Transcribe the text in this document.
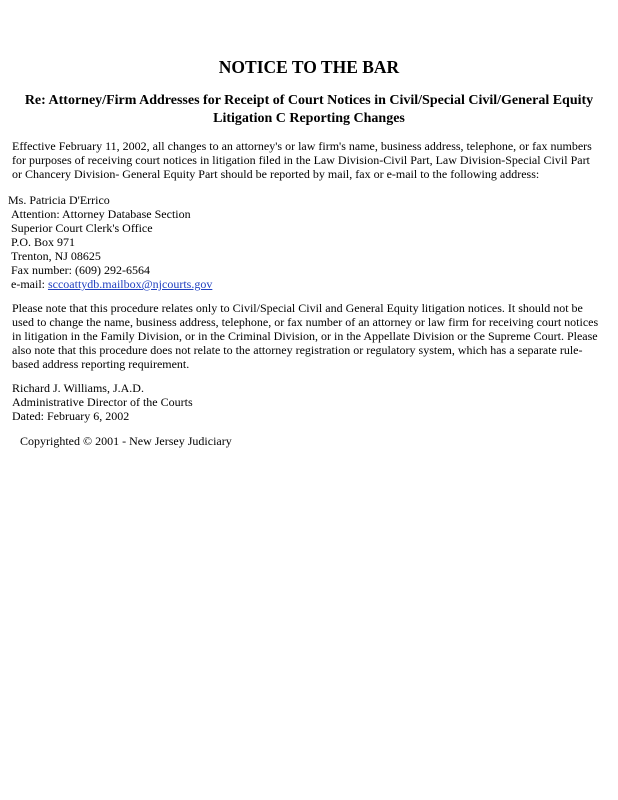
NOTICE TO THE BAR
Re: Attorney/Firm Addresses for Receipt of Court Notices in Civil/Special Civil/General Equity
Litigation C Reporting Changes

Effective February 11, 2002, all changes to an attorney's or law firm's name, business address, telephone, or fax numbers
for purposes of receiving court notices in litigation filed in the Law Division-Civil Part, Law Division-Special Civil Part
or Chancery Division- General Equity Part should be reported by mail, fax or e-mail to the following address:

Ms. Patricia D'Errico
Attention: Attorney Database Section
Superior Court Clerk's Office
P.O. Box 971
Trenton, NJ 08625
Fax number: (609) 292-6564
e-mail: sccoattydb.mailbox@njcourts.gov

Please note that this procedure relates only to Civil/Special Civil and General Equity litigation notices. It should not be
used to change the name, business address, telephone, or fax number of an attorney or law firm for receiving court notices
in litigation in the Family Division, or in the Criminal Division, or in the Appellate Division or the Supreme Court. Please
also note that this procedure does not relate to the attorney registration or regulatory system, which has a separate rule-
based address reporting requirement.

Richard J. Williams, J.A.D.
Administrative Director of the Courts
Dated: February 6, 2002
Copyrighted © 2001 - New Jersey Judiciary
